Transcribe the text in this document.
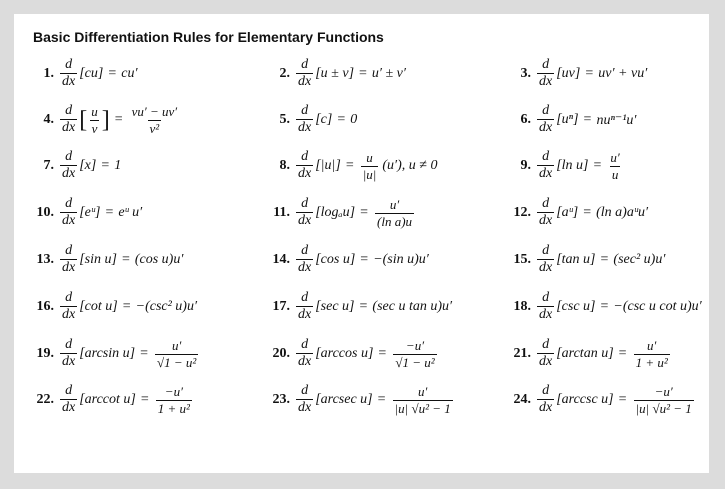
Basic Differentiation Rules for Elementary Functions
1. $\frac{d}{dx} [cu] = cu'$	2. $\frac{d}{dx} [u \pm v] = u' \pm v'$	3. $\frac{d}{dx} [uv] = uv' + vu'$
4. $\frac{d}{dx}$ [ $\frac{u}{v}$ ] = $\frac{vu' - uv'}{\text{v²}}$	5. $\frac{d}{dx} [c] = 0$	6. $\frac{d}{dx} [u^n] = nu^{n-1}u'$
7. $\frac{d}{dx} [x] = 1$	8. $\frac{d}{dx} [|u|] = \frac{u}{|u|} (u')$, u ≠ 0	9. $\frac{d}{dx} [\ln$ $u] = \frac{u'}{u}$
10. $\frac{d}{dx}$ [eᵘ] = eᵘ u′	11. $\frac{d}{dx} [\log_au] = \frac{u'}{\text{(ln a)u}}$	12. $\frac{d}{dx}$ [aᵘ] = (ln a)aᵘu′
13. $\frac{d}{dx} [\sin$ u] = (cos u)u′	14. $\frac{d}{dx} [\cos$ u] = −(sin u)u′	15. $\frac{d}{dx} [\tan$ u] = (sec² u)u′
16. $\frac{d}{dx} [\cot$ u] = −(csc² u)u′	17. $\frac{d}{dx} [\sec$ u] = (sec u tan u)u′	18. $\frac{d}{dx} [\csc$ u] = −(csc u cot u)u′
19. $\frac{d}{dx} [\arcsin$ $u] = \frac{u'}{\text{√1 − u²}}$	20. $\frac{d}{dx} [\arccos$ $u] = \frac{-u'}{\text{√1 − u²}}$	21. $\frac{d}{dx} [\arctan$ $u] = \frac{u'}{\text{1 + u²}}$
22. $\frac{d}{dx} [arccot$ $u] = \frac{-u'}{\text{1 + u²}}$	23. $\frac{d}{dx} [arcsec$ $u] = \frac{u'}{\text{|u| √u² − 1}}$	24. $\frac{d}{dx} [arccsc$ $u] = \frac{-u'}{\text{|u| √u² − 1}}$
